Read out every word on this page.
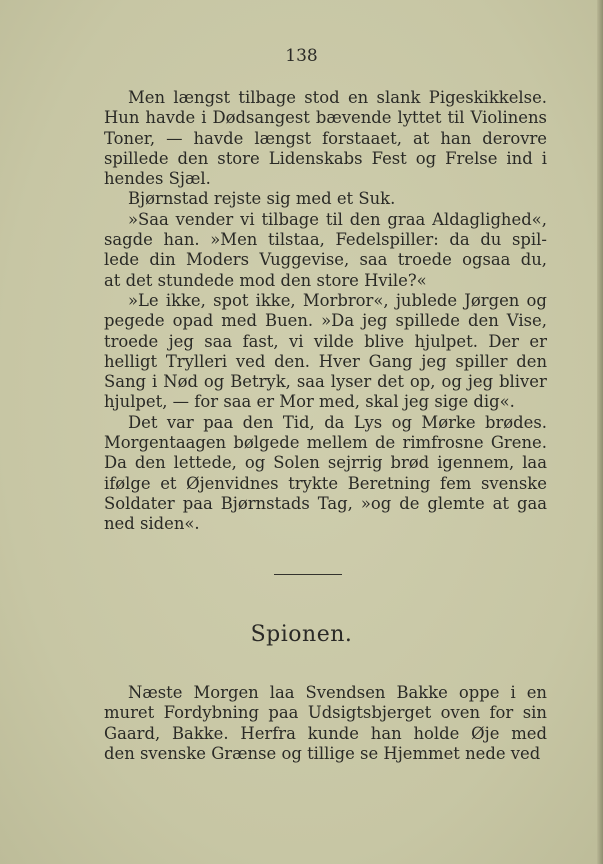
138
Men længst tilbage stod en slank Pigeskikkelse.
Hun havde i Dødsangest bævende lyttet til Violinens
Toner, — havde længst forstaaet, at han derovre
spillede den store Lidenskabs Fest og Frelse ind i
hendes Sjæl.
Bjørnstad rejste sig med et Suk.
»Saa vender vi tilbage til den graa Aldaglighed«,
sagde han. »Men tilstaa, Fedelspiller: da du spil-
lede din Moders Vuggevise, saa troede ogsaa du,
at det stundede mod den store Hvile?«
»Le ikke, spot ikke, Morbror«, jublede Jørgen og
pegede opad med Buen. »Da jeg spillede den Vise,
troede jeg saa fast, vi vilde blive hjulpet. Der er
helligt Trylleri ved den. Hver Gang jeg spiller den
Sang i Nød og Betryk, saa lyser det op, og jeg bliver
hjulpet, — for saa er Mor med, skal jeg sige dig«.
Det var paa den Tid, da Lys og Mørke brødes.
Morgentaagen bølgede mellem de rimfrosne Grene.
Da den lettede, og Solen sejrrig brød igennem, laa
ifølge et Øjenvidnes trykte Beretning fem svenske
Soldater paa Bjørnstads Tag, »og de glemte at gaa
ned siden«.
Spionen.
Næste Morgen laa Svendsen Bakke oppe i en
muret Fordybning paa Udsigtsbjerget oven for sin
Gaard, Bakke. Herfra kunde han holde Øje med
den svenske Grænse og tillige se Hjemmet nede ved
